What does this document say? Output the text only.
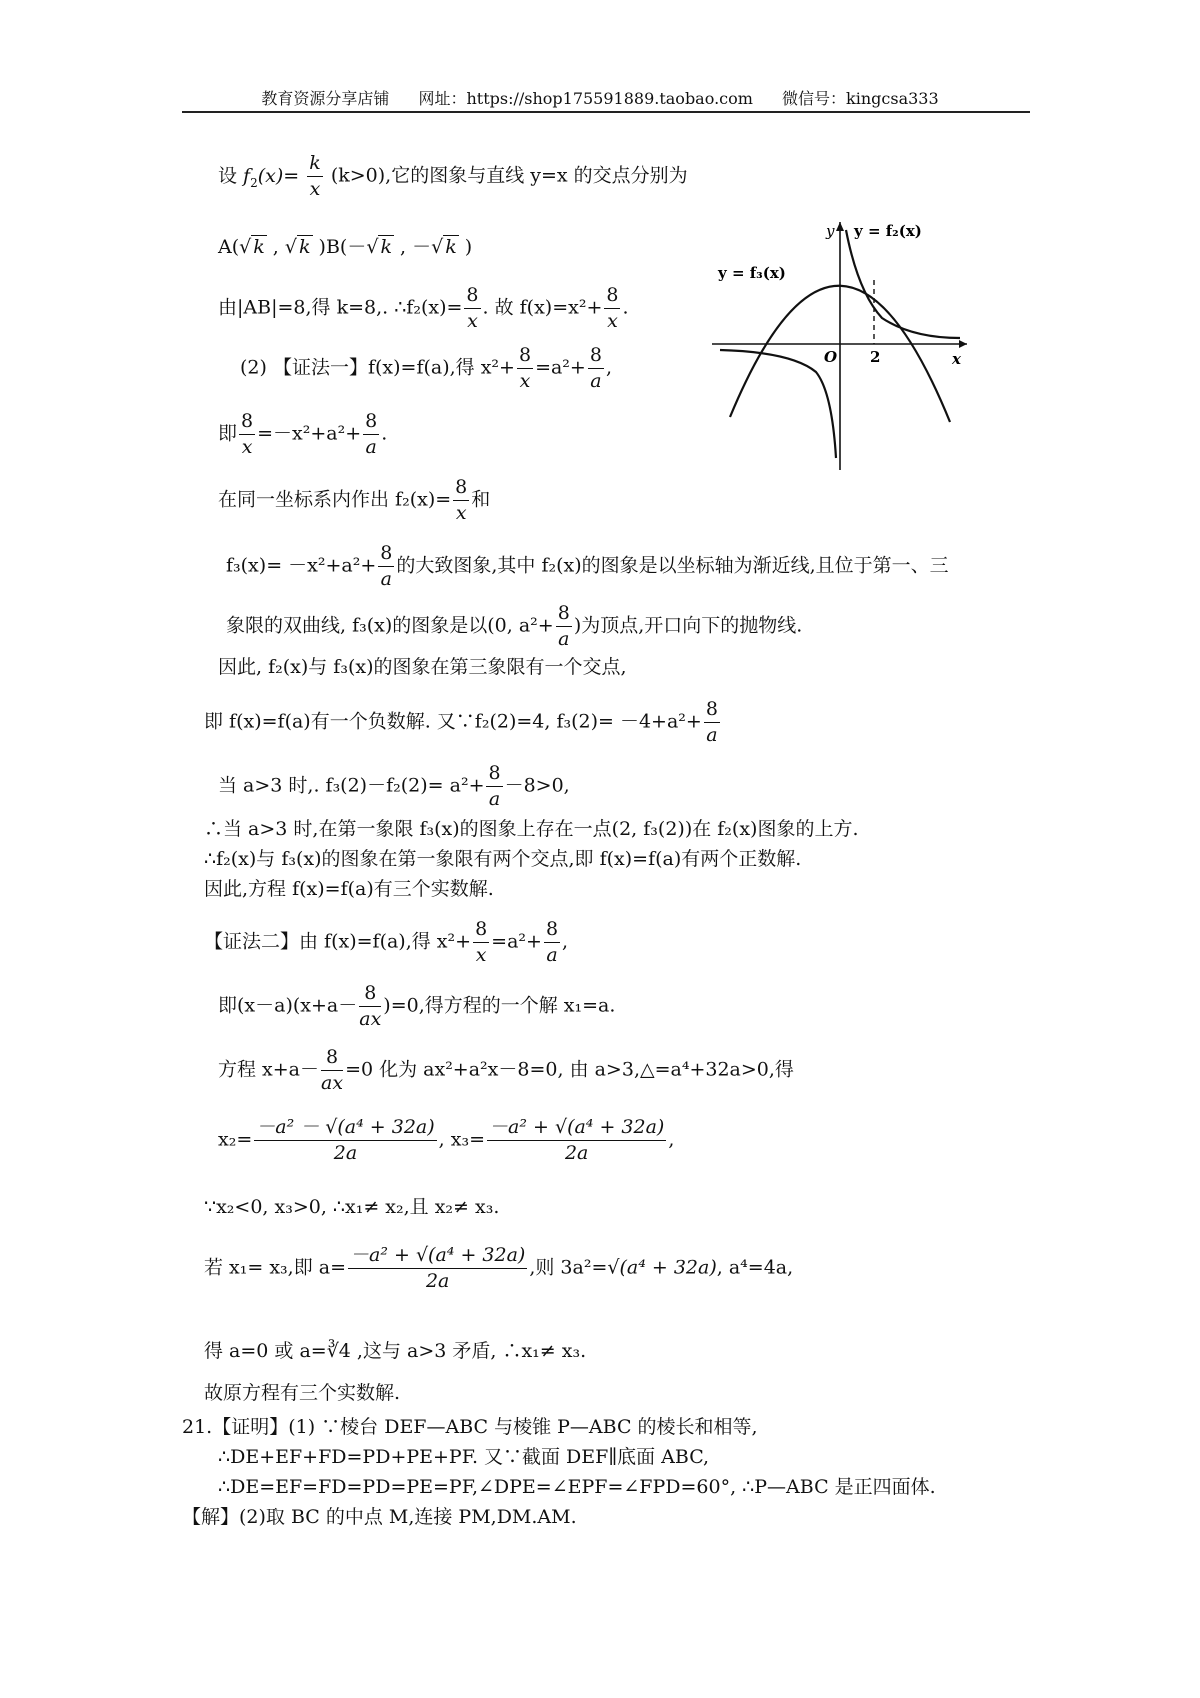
教育资源分享店铺 网址：https://shop175591889.taobao.com 微信号：kingcsa333
设 $f_2(x)= \frac{k}{x} (k>0)$,它的图象与直线 y=x 的交点分别为
A(√ k , √ k )B(－√ k , －√ k )
由|AB|=8,得 k=8,. ∴f₂(x)= $\frac{8}{x}$ . 故 $f(x)=x^2+ \frac{8}{x}$ .
(2) 【证法一】f(x)=f(a),得 $x^2+ \frac{8}{x} =a^2+ \frac{8}{a}$ ,
即 $\frac{8}{x} =-x^2+a^2+ \frac{8}{a}$ .
在同一坐标系内作出 $f_2(x)= \frac{8}{x}$ 和
$f_3(x)= -x^2+a^2+ \frac{8}{a}$ 的大致图象,其中 f₂(x)的图象是以坐标轴为渐近线,且位于第一、三
象限的双曲线, f₃(x)的图象是以(0, $a^2+ \frac{8}{a}$ )为顶点,开口向下的抛物线.
因此, f₂(x)与 f₃(x)的图象在第三象限有一个交点,
即 f(x)=f(a)有一个负数解. 又∵f₂(2)=4, $f_3(2)= -4+a^2+ \frac{8}{a}$
当 a>3 时,. $f_3(2)-f_2(2)= a^2+ \frac{8}{a} -8>0$,
∴当 a>3 时,在第一象限 f₃(x)的图象上存在一点(2, f₃(2))在 f₂(x)图象的上方.
∴f₂(x)与 f₃(x)的图象在第一象限有两个交点,即 f(x)=f(a)有两个正数解.
因此,方程 f(x)=f(a)有三个实数解.
【证法二】由 f(x)=f(a),得 $x^2+ \frac{8}{x} =a^2+ \frac{8}{a}$ ,
即$(x-a)(x+a- \frac{8}{ax} )=0$,得方程的一个解 x₁=a.
方程 $x+a- \frac{8}{ax} =0$ 化为 ax²+a²x－8=0, 由 a>3,△=a⁴+32a>0,得
$x_2= \frac{\text{－a² － √(a⁴ + 32a)}}{2a}$ , $x_3= \frac{\text{－a² + √(a⁴ + 32a)}}{2a}$ ,
∵x₂<0, x₃>0, ∴x₁≠ x₂,且 x₂≠ x₃.
若 x₁= x₃,即 $a= \frac{\text{－a² + √(a⁴ + 32a)}}{2a}$ ,则 3a²=√(a⁴ + 32a), a⁴=4a,
得 a=0 或 a=∛4 ,这与 a>3 矛盾, ∴x₁≠ x₃.
故原方程有三个实数解.
21.【证明】(1) ∵棱台 DEF—ABC 与棱锥 P—ABC 的棱长和相等,
∴DE+EF+FD=PD+PE+PF. 又∵截面 DEF∥底面 ABC,
∴DE=EF=FD=PD=PE=PF,∠DPE=∠EPF=∠FPD=60°, ∴P—ABC 是正四面体.
【解】(2)取 BC 的中点 M,连接 PM,DM.AM.
y y = f₂(x)
y = f₃(x)
O 2	x
